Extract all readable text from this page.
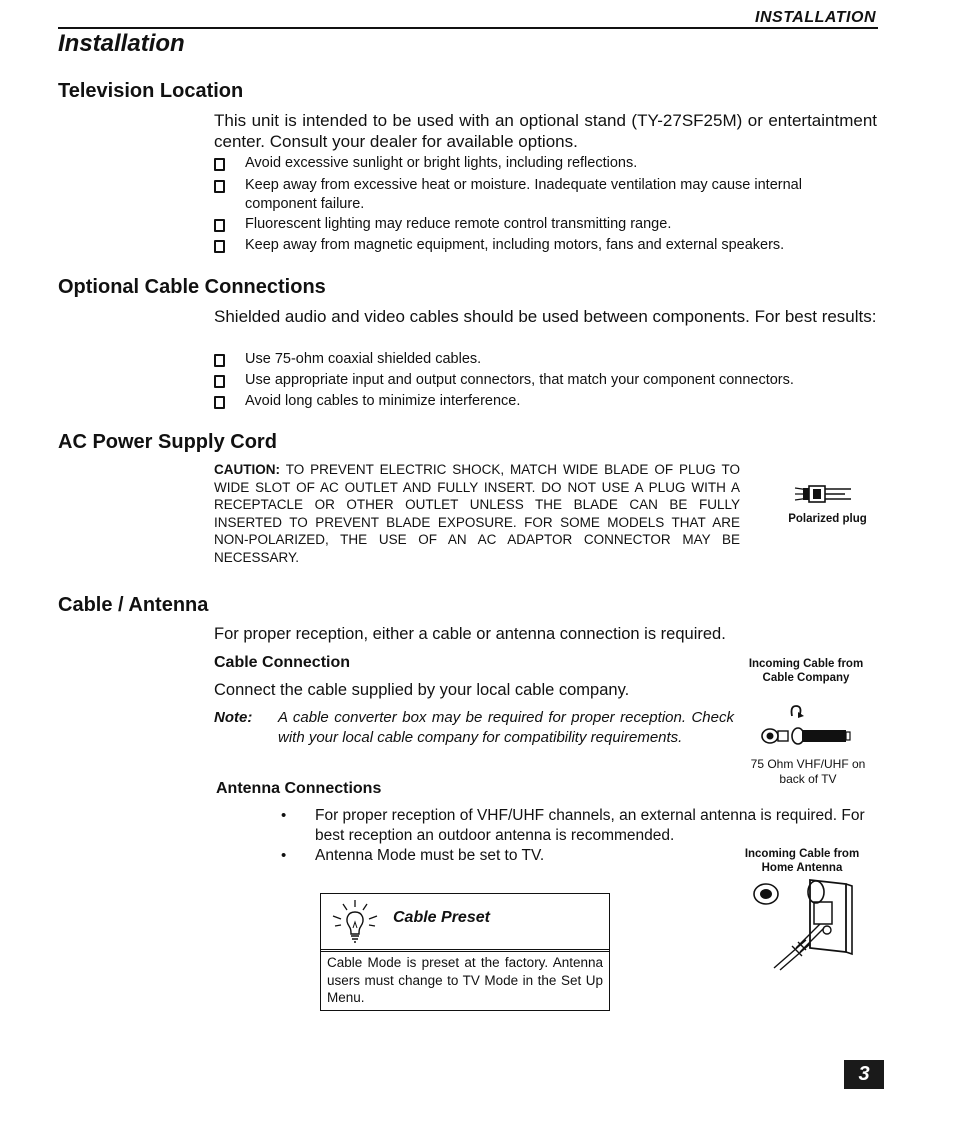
INSTALLATION
Installation
Television Location
This unit is intended to be used with an optional stand (TY-27SF25M) or entertaintment center. Consult your dealer for available options.
Avoid excessive sunlight or bright lights, including reflections.
Keep away from excessive heat or moisture. Inadequate ventilation may cause internal component failure.
Fluorescent lighting may reduce remote control transmitting range.
Keep away from magnetic equipment, including motors, fans and external speakers.
Optional Cable Connections
Shielded audio and video cables should be used between components. For best results:
Use 75-ohm coaxial shielded cables.
Use appropriate input and output connectors, that match your component connectors.
Avoid long cables to minimize interference.
AC Power Supply Cord
CAUTION: TO PREVENT ELECTRIC SHOCK, MATCH WIDE BLADE OF PLUG TO WIDE SLOT OF AC OUTLET AND FULLY INSERT. DO NOT USE A PLUG WITH A RECEPTACLE OR OTHER OUTLET UNLESS THE BLADE CAN BE FULLY INSERTED TO PREVENT BLADE EXPOSURE. FOR SOME MODELS THAT ARE NON-POLARIZED, THE USE OF AN AC ADAPTOR CONNECTOR MAY BE NECESSARY.
Polarized plug
Cable / Antenna
For proper reception, either a cable or antenna connection is required.
Cable Connection
Connect the cable supplied by your local cable company.
Note: A cable converter box may be required for proper reception. Check with your local cable company for compatibility requirements.
Incoming Cable from Cable Company
75 Ohm VHF/UHF on back of TV
Antenna Connections
• For proper reception of VHF/UHF channels, an external antenna is required. For best reception an outdoor antenna is recommended.
• Antenna Mode must be set to TV.	Incoming Cable from Home Antenna
Cable Preset
Cable Mode is preset at the factory. Antenna users must change to TV Mode in the Set Up Menu.
3
